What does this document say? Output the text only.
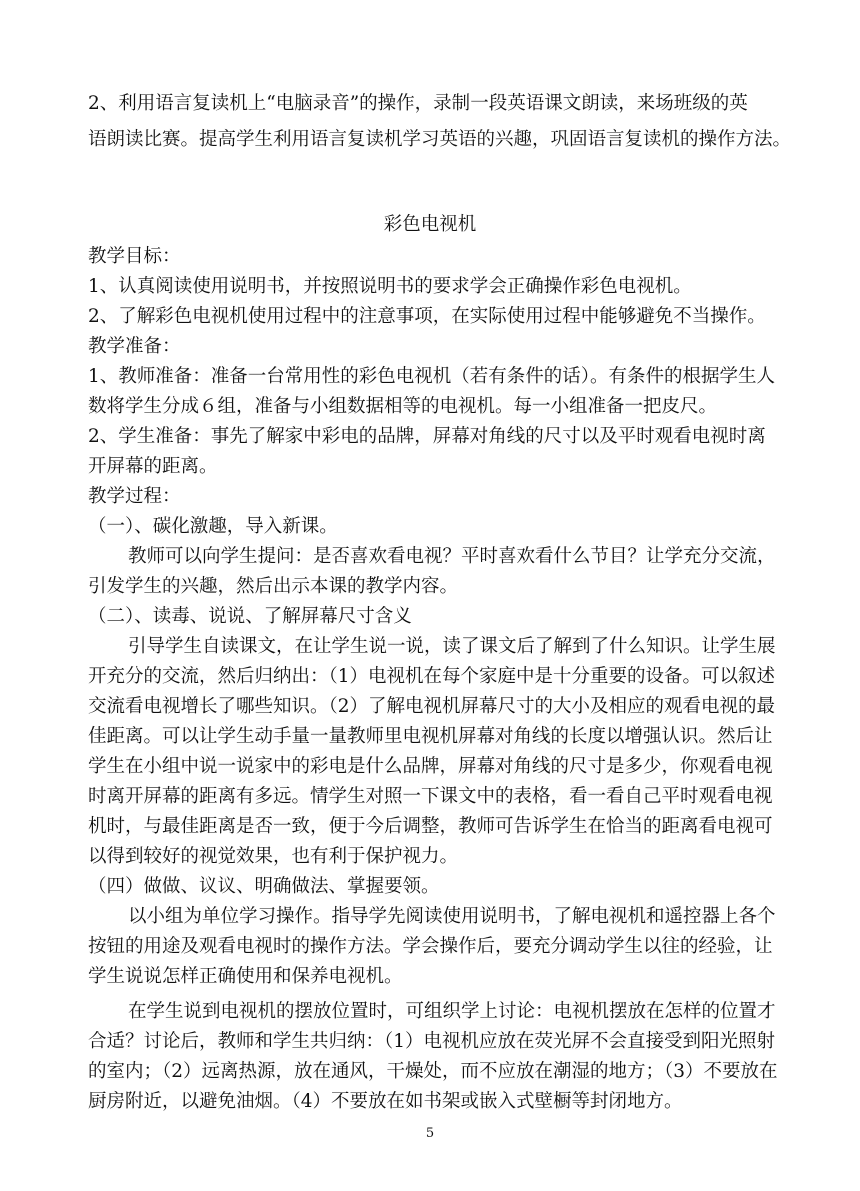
2、利用语言复读机上“电脑录音”的操作，录制一段英语课文朗读，来场班级的英
语朗读比赛。提高学生利用语言复读机学习英语的兴趣，巩固语言复读机的操作方法。
彩色电视机
教学目标：
1、认真阅读使用说明书，并按照说明书的要求学会正确操作彩色电视机。
2、了解彩色电视机使用过程中的注意事项，在实际使用过程中能够避免不当操作。
教学准备：
1、教师准备：准备一台常用性的彩色电视机（若有条件的话）。有条件的根据学生人
数将学生分成６组，准备与小组数据相等的电视机。每一小组准备一把皮尺。
2、学生准备：事先了解家中彩电的品牌，屏幕对角线的尺寸以及平时观看电视时离
开屏幕的距离。
教学过程：
（一）、碳化激趣，导入新课。
教师可以向学生提问：是否喜欢看电视？平时喜欢看什么节目？让学充分交流，
引发学生的兴趣，然后出示本课的教学内容。
（二）、读毒、说说、了解屏幕尺寸含义
引导学生自读课文，在让学生说一说，读了课文后了解到了什么知识。让学生展
开充分的交流，然后归纳出：（1）电视机在每个家庭中是十分重要的设备。可以叙述
交流看电视增长了哪些知识。（2）了解电视机屏幕尺寸的大小及相应的观看电视的最
佳距离。可以让学生动手量一量教师里电视机屏幕对角线的长度以增强认识。然后让
学生在小组中说一说家中的彩电是什么品牌，屏幕对角线的尺寸是多少，你观看电视
时离开屏幕的距离有多远。情学生对照一下课文中的表格，看一看自己平时观看电视
机时，与最佳距离是否一致，便于今后调整，教师可告诉学生在恰当的距离看电视可
以得到较好的视觉效果，也有利于保护视力。
（四）做做、议议、明确做法、掌握要领。
以小组为单位学习操作。指导学先阅读使用说明书，了解电视机和遥控器上各个
按钮的用途及观看电视时的操作方法。学会操作后，要充分调动学生以往的经验，让
学生说说怎样正确使用和保养电视机。
在学生说到电视机的摆放位置时，可组织学上讨论：电视机摆放在怎样的位置才
合适？讨论后，教师和学生共归纳：（1）电视机应放在荧光屏不会直接受到阳光照射
的室内；（2）远离热源，放在通风，干燥处，而不应放在潮湿的地方；（3）不要放在
厨房附近，以避免油烟。（4）不要放在如书架或嵌入式壁橱等封闭地方。
5
